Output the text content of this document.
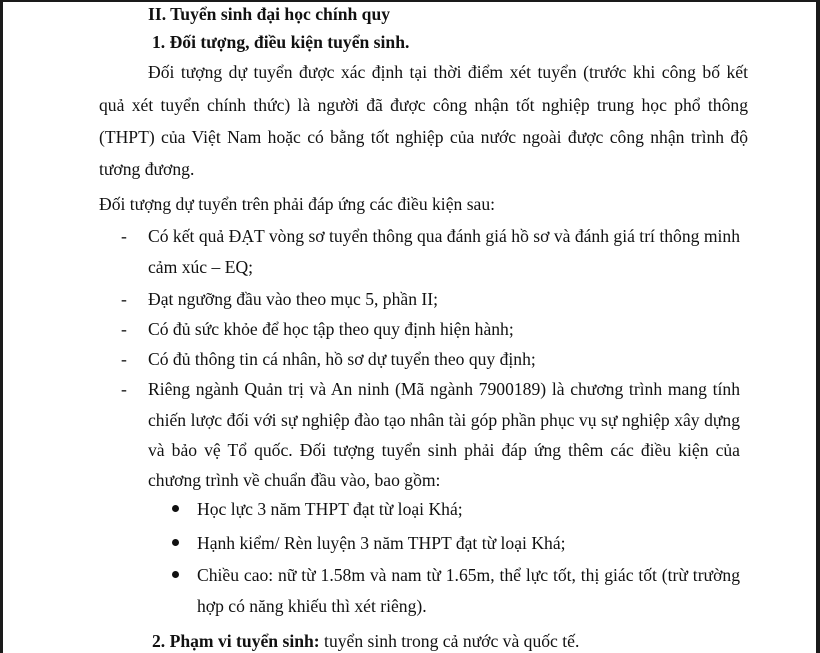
II. Tuyển sinh đại học chính quy
1. Đối tượng, điều kiện tuyển sinh.
Đối tượng dự tuyển được xác định tại thời điểm xét tuyển (trước khi công bố kết
quả xét tuyển chính thức) là người đã được công nhận tốt nghiệp trung học phổ thông
(THPT) của Việt Nam hoặc có bằng tốt nghiệp của nước ngoài được công nhận trình độ
tương đương.
Đối tượng dự tuyển trên phải đáp ứng các điều kiện sau:
- Có kết quả ĐẠT vòng sơ tuyển thông qua đánh giá hồ sơ và đánh giá trí thông minh
cảm xúc – EQ;
- Đạt ngưỡng đầu vào theo mục 5, phần II;
- Có đủ sức khỏe để học tập theo quy định hiện hành;
- Có đủ thông tin cá nhân, hồ sơ dự tuyển theo quy định;
- Riêng ngành Quản trị và An ninh (Mã ngành 7900189) là chương trình mang tính
chiến lược đối với sự nghiệp đào tạo nhân tài góp phần phục vụ sự nghiệp xây dựng
và bảo vệ Tổ quốc. Đối tượng tuyển sinh phải đáp ứng thêm các điều kiện của
chương trình về chuẩn đầu vào, bao gồm:
Học lực 3 năm THPT đạt từ loại Khá;
Hạnh kiểm/ Rèn luyện 3 năm THPT đạt từ loại Khá;
Chiều cao: nữ từ 1.58m và nam từ 1.65m, thể lực tốt, thị giác tốt (trừ trường
hợp có năng khiếu thì xét riêng).
2. Phạm vi tuyển sinh: tuyển sinh trong cả nước và quốc tế.
